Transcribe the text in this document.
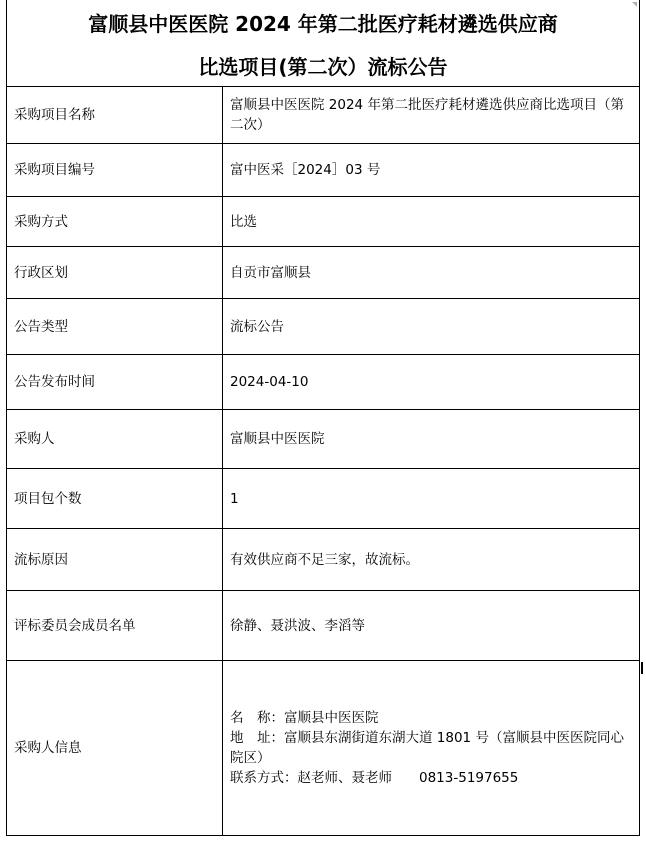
富顺县中医医院 2024 年第二批医疗耗材遴选供应商
比选项目(第二次）流标公告
采购项目名称	富顺县中医医院 2024 年第二批医疗耗材遴选供应商比选项目（第二次）
采购项目编号	富中医采［2024］03 号
采购方式	比选
行政区划	自贡市富顺县
公告类型	流标公告
公告发布时间	2024-04-10
采购人	富顺县中医医院
项目包个数	1
流标原因	有效供应商不足三家，故流标。
评标委员会成员名单	徐静、聂洪波、李滔等
采购人信息	名　称：富顺县中医医院
地　址：富顺县东湖街道东湖大道 1801 号（富顺县中医医院同心院区）
联系方式：赵老师、聂老师　　0813-5197655
